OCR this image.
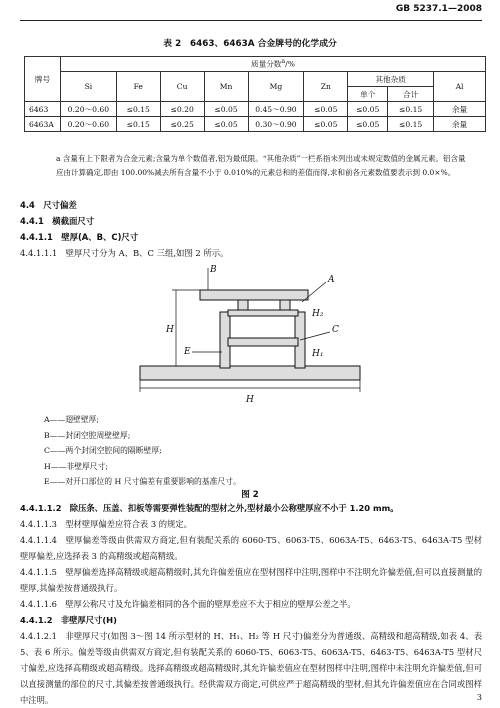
GB 5237.1—2008
表 2　6463、6463A 合金牌号的化学成分
牌号	质量分数$^a$/%								
	Si	Fe	Cu	Mn	Mg	Zn	其他杂质		Al
							单个	合计	
6463	0.20～0.60	≤0.15	≤0.20	≤0.05	0.45～0.90	≤0.05	≤0.05	≤0.15	余量
6463A	0.20～0.60	≤0.15	≤0.25	≤0.05	0.30～0.90	≤0.05	≤0.05	≤0.15	余量
a 含量有上下限者为合金元素;含量为单个数值者,铝为最低限。“其他杂质”一栏系指未列出或未规定数值的金属元素。铝含量应由计算确定,即由 100.00%减去所有含量不小于 0.010%的元素总和的差值而得,求和前各元素数值要表示到 0.0×%。
4.4　尺寸偏差
4.4.1　横截面尺寸
4.4.1.1　壁厚(A、B、C)尺寸
4.4.1.1.1　壁厚尺寸分为 A、B、C 三组,如图 2 所示。
H
H
B
A
C
E	H₁
H₂
A——翅壁壁厚;
B——封闭空腔周壁壁厚;
C——两个封闭空腔间的隔断壁厚;
H——非壁厚尺寸;
E——对开口部位的 H 尺寸偏差有重要影响的基准尺寸。
图 2
4.4.1.1.2　除压条、压盖、扣板等需要弹性装配的型材之外,型材最小公称壁厚应不小于 1.20 mm。
4.4.1.1.3　型材壁厚偏差应符合表 3 的规定。
4.4.1.1.4　壁厚偏差等级由供需双方商定,但有装配关系的 6060-T5、6063-T5、6063A-T5、6463-T5、6463A-T5 型材壁厚偏差,应选择表 3 的高精级或超高精级。
4.4.1.1.5　壁厚偏差选择高精级或超高精级时,其允许偏差值应在型材图样中注明,图样中不注明允许偏差值,但可以直接测量的壁厚,其偏差按普通级执行。
4.4.1.1.6　壁厚公称尺寸及允许偏差相同的各个面的壁厚差应不大于相应的壁厚公差之半。
4.4.1.2　非壁厚尺寸(H)
4.4.1.2.1　非壁厚尺寸(如图 3～图 14 所示型材的 H、H₁、H₂ 等 H 尺寸)偏差分为普通级、高精级和超高精级,如表 4、表 5、表 6 所示。偏差等级由供需双方商定,但有装配关系的 6060-T5、6063-T5、6063A-T5、6463-T5、6463A-T5 型材尺寸偏差,应选择高精级或超高精级。选择高精级或超高精级时,其允许偏差值应在型材图样中注明,图样中未注明允许偏差值,但可以直接测量的部位的尺寸,其偏差按普通级执行。经供需双方商定,可供应严于超高精级的型材,但其允许偏差值应在合同或图样中注明。	3
